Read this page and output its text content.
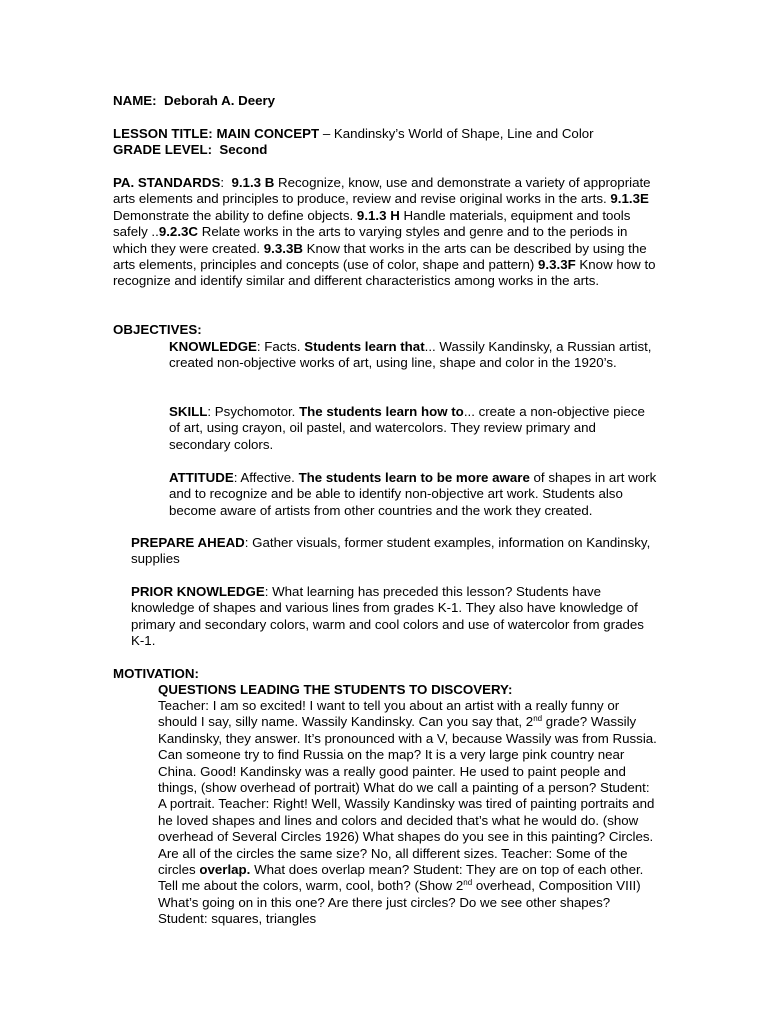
NAME: Deborah A. Deery

LESSON TITLE: MAIN CONCEPT – Kandinsky’s World of Shape, Line and Color

GRADE LEVEL: Second

PA. STANDARDS:  9.1.3 B Recognize, know, use and demonstrate a variety of appropriate arts elements and principles to produce, review and revise original works in the arts. 9.1.3E Demonstrate the ability to define objects. 9.1.3 H Handle materials, equipment and tools safely ..9.2.3C Relate works in the arts to varying styles and genre and to the periods in which they were created. 9.3.3B Know that works in the arts can be described by using the arts elements, principles and concepts (use of color, shape and pattern) 9.3.3F Know how to recognize and identify similar and different characteristics among works in the arts.

OBJECTIVES:

KNOWLEDGE: Facts. Students learn that... Wassily Kandinsky, a Russian artist, created non-objective works of art, using line, shape and color in the 1920’s.

SKILL: Psychomotor. The students learn how to... create a non-objective piece of art, using crayon, oil pastel, and watercolors. They review primary and secondary colors.

ATTITUDE: Affective. The students learn to be more aware of shapes in art work and to recognize and be able to identify non-objective art work. Students also become aware of artists from other countries and the work they created.

PREPARE AHEAD: Gather visuals, former student examples, information on Kandinsky, supplies

PRIOR KNOWLEDGE: What learning has preceded this lesson? Students have knowledge of shapes and various lines from grades K-1. They also have knowledge of primary and secondary colors, warm and cool colors and use of watercolor from grades K-1.

MOTIVATION:

QUESTIONS LEADING THE STUDENTS TO DISCOVERY:

Teacher: I am so excited! I want to tell you about an artist with a really funny or should I say, silly name. Wassily Kandinsky. Can you say that, 2nd grade? Wassily Kandinsky, they answer. It’s pronounced with a V, because Wassily was from Russia. Can someone try to find Russia on the map? It is a very large pink country near China. Good! Kandinsky was a really good painter. He used to paint people and things, (show overhead of portrait) What do we call a painting of a person? Student: A portrait. Teacher: Right! Well, Wassily Kandinsky was tired of painting portraits and he loved shapes and lines and colors and decided that’s what he would do. (show overhead of Several Circles 1926) What shapes do you see in this painting? Circles. Are all of the circles the same size? No, all different sizes. Teacher: Some of the circles overlap. What does overlap mean? Student: They are on top of each other. Tell me about the colors, warm, cool, both? (Show 2nd overhead, Composition VIII) What’s going on in this one? Are there just circles? Do we see other shapes? Student: squares, triangles
